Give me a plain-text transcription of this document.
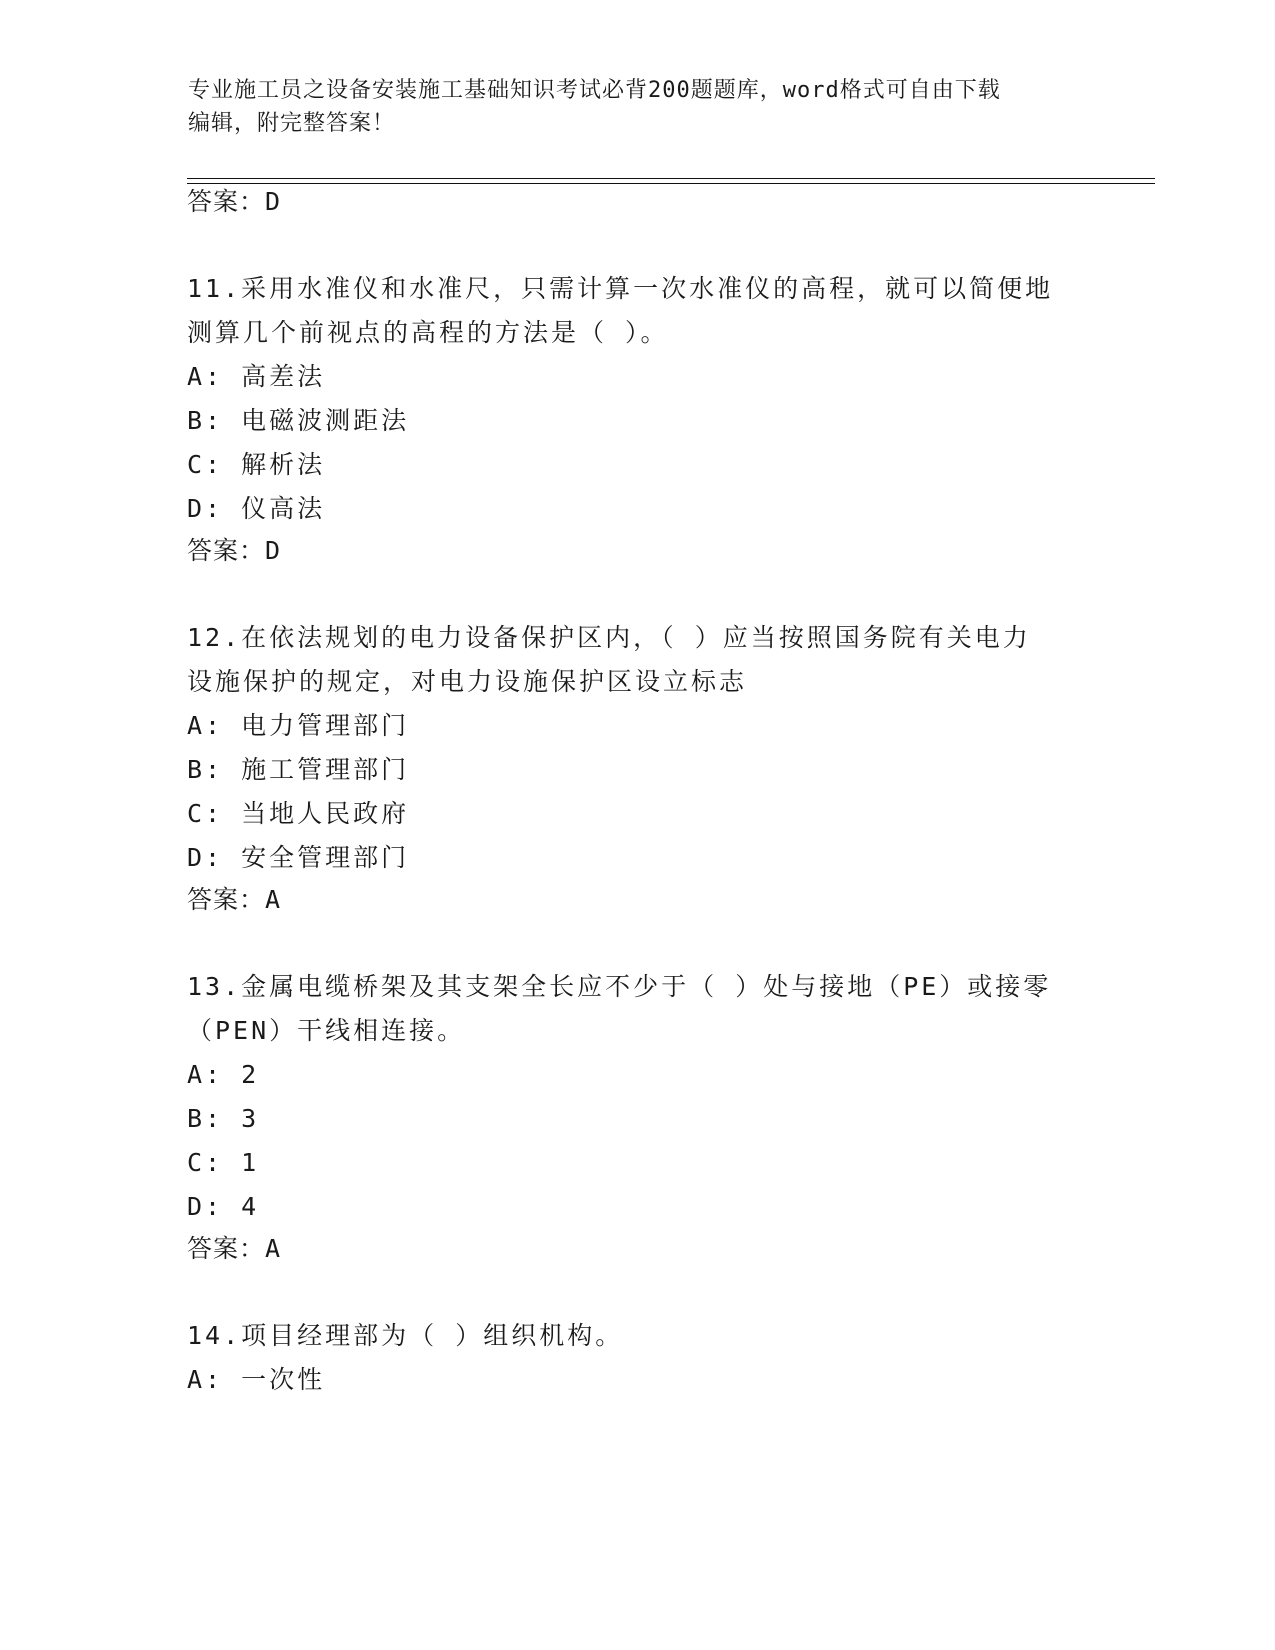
专业施工员之设备安装施工基础知识考试必背200题题库，word格式可自由下载
编辑，附完整答案！
答案：D
11.采用水准仪和水准尺，只需计算一次水准仪的高程，就可以简便地
测算几个前视点的高程的方法是（ ）。
A: 高差法
B: 电磁波测距法
C: 解析法
D: 仪高法
答案：D
12.在依法规划的电力设备保护区内，（ ）应当按照国务院有关电力
设施保护的规定，对电力设施保护区设立标志
A: 电力管理部门
B: 施工管理部门
C: 当地人民政府
D: 安全管理部门
答案：A
13.金属电缆桥架及其支架全长应不少于（ ）处与接地（PE）或接零
（PEN）干线相连接。
A: 2
B: 3
C: 1
D: 4
答案：A
14.项目经理部为（ ）组织机构。
A: 一次性
